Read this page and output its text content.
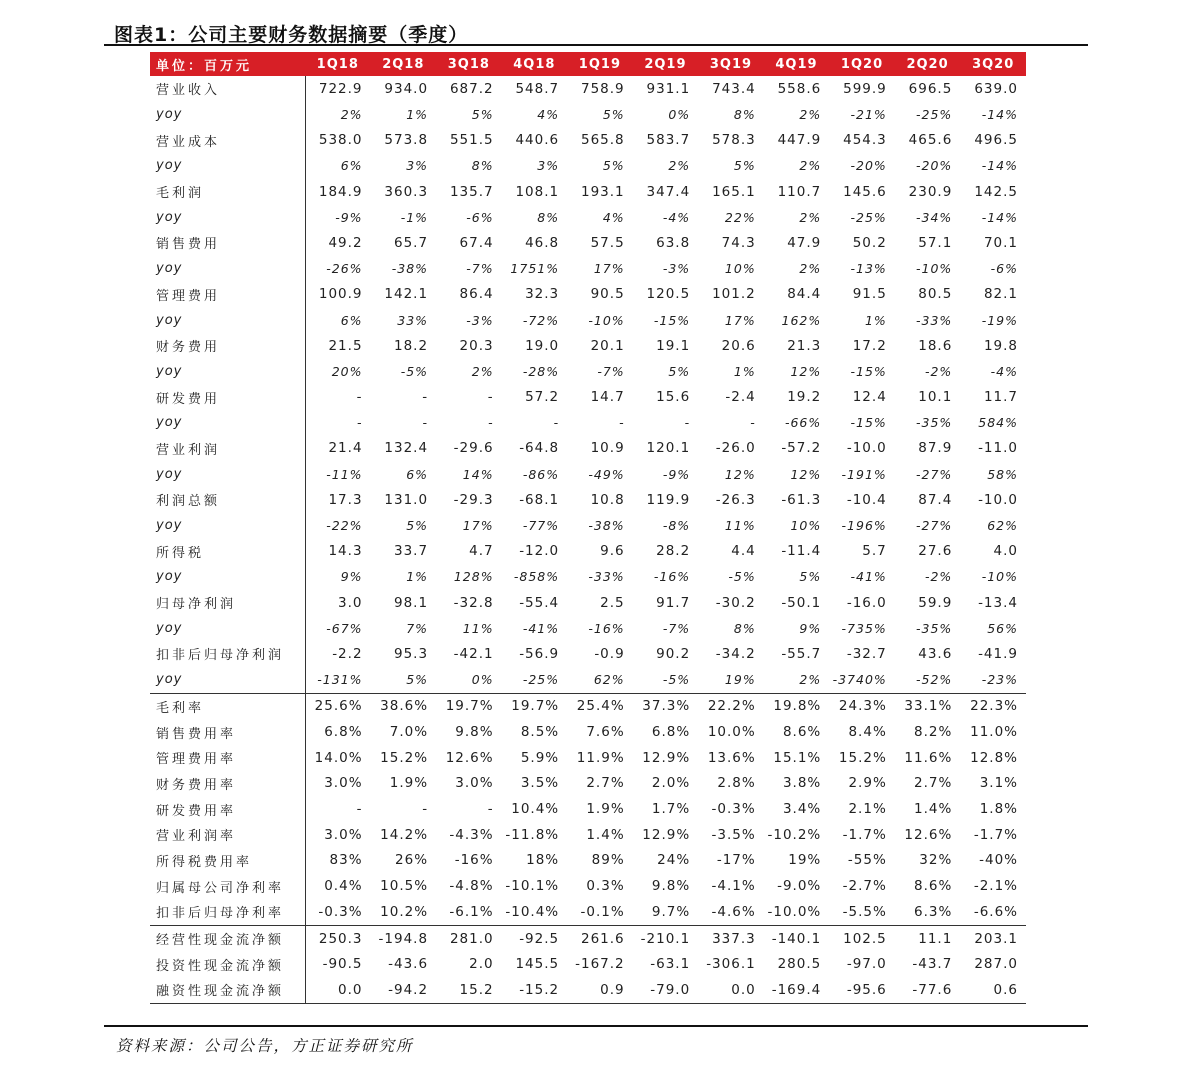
图表1：公司主要财务数据摘要（季度）
单位：百万元	1Q18	2Q18	3Q18	4Q18	1Q19	2Q19	3Q19	4Q19	1Q20	2Q20	3Q20
营业收入	722.9	934.0	687.2	548.7	758.9	931.1	743.4	558.6	599.9	696.5	639.0
yoy	2%	1%	5%	4%	5%	0%	8%	2%	-21%	-25%	-14%
营业成本	538.0	573.8	551.5	440.6	565.8	583.7	578.3	447.9	454.3	465.6	496.5
yoy	6%	3%	8%	3%	5%	2%	5%	2%	-20%	-20%	-14%
毛利润	184.9	360.3	135.7	108.1	193.1	347.4	165.1	110.7	145.6	230.9	142.5
yoy	-9%	-1%	-6%	8%	4%	-4%	22%	2%	-25%	-34%	-14%
销售费用	49.2	65.7	67.4	46.8	57.5	63.8	74.3	47.9	50.2	57.1	70.1
yoy	-26%	-38%	-7%	1751%	17%	-3%	10%	2%	-13%	-10%	-6%
管理费用	100.9	142.1	86.4	32.3	90.5	120.5	101.2	84.4	91.5	80.5	82.1
yoy	6%	33%	-3%	-72%	-10%	-15%	17%	162%	1%	-33%	-19%
财务费用	21.5	18.2	20.3	19.0	20.1	19.1	20.6	21.3	17.2	18.6	19.8
yoy	20%	-5%	2%	-28%	-7%	5%	1%	12%	-15%	-2%	-4%
研发费用	-	-	-	57.2	14.7	15.6	-2.4	19.2	12.4	10.1	11.7
yoy	-	-	-	-	-	-	-	-66%	-15%	-35%	584%
营业利润	21.4	132.4	-29.6	-64.8	10.9	120.1	-26.0	-57.2	-10.0	87.9	-11.0
yoy	-11%	6%	14%	-86%	-49%	-9%	12%	12%	-191%	-27%	58%
利润总额	17.3	131.0	-29.3	-68.1	10.8	119.9	-26.3	-61.3	-10.4	87.4	-10.0
yoy	-22%	5%	17%	-77%	-38%	-8%	11%	10%	-196%	-27%	62%
所得税	14.3	33.7	4.7	-12.0	9.6	28.2	4.4	-11.4	5.7	27.6	4.0
yoy	9%	1%	128%	-858%	-33%	-16%	-5%	5%	-41%	-2%	-10%
归母净利润	3.0	98.1	-32.8	-55.4	2.5	91.7	-30.2	-50.1	-16.0	59.9	-13.4
yoy	-67%	7%	11%	-41%	-16%	-7%	8%	9%	-735%	-35%	56%
扣非后归母净利润	-2.2	95.3	-42.1	-56.9	-0.9	90.2	-34.2	-55.7	-32.7	43.6	-41.9
yoy	-131%	5%	0%	-25%	62%	-5%	19%	2%	-3740%	-52%	-23%
毛利率	25.6%	38.6%	19.7%	19.7%	25.4%	37.3%	22.2%	19.8%	24.3%	33.1%	22.3%
销售费用率	6.8%	7.0%	9.8%	8.5%	7.6%	6.8%	10.0%	8.6%	8.4%	8.2%	11.0%
管理费用率	14.0%	15.2%	12.6%	5.9%	11.9%	12.9%	13.6%	15.1%	15.2%	11.6%	12.8%
财务费用率	3.0%	1.9%	3.0%	3.5%	2.7%	2.0%	2.8%	3.8%	2.9%	2.7%	3.1%
研发费用率	-	-	-	10.4%	1.9%	1.7%	-0.3%	3.4%	2.1%	1.4%	1.8%
营业利润率	3.0%	14.2%	-4.3%	-11.8%	1.4%	12.9%	-3.5%	-10.2%	-1.7%	12.6%	-1.7%
所得税费用率	83%	26%	-16%	18%	89%	24%	-17%	19%	-55%	32%	-40%
归属母公司净利率	0.4%	10.5%	-4.8%	-10.1%	0.3%	9.8%	-4.1%	-9.0%	-2.7%	8.6%	-2.1%
扣非后归母净利率	-0.3%	10.2%	-6.1%	-10.4%	-0.1%	9.7%	-4.6%	-10.0%	-5.5%	6.3%	-6.6%
经营性现金流净额	250.3	-194.8	281.0	-92.5	261.6	-210.1	337.3	-140.1	102.5	11.1	203.1
投资性现金流净额	-90.5	-43.6	2.0	145.5	-167.2	-63.1	-306.1	280.5	-97.0	-43.7	287.0
融资性现金流净额	0.0	-94.2	15.2	-15.2	0.9	-79.0	0.0	-169.4	-95.6	-77.6	0.6
资料来源：公司公告，方正证券研究所
